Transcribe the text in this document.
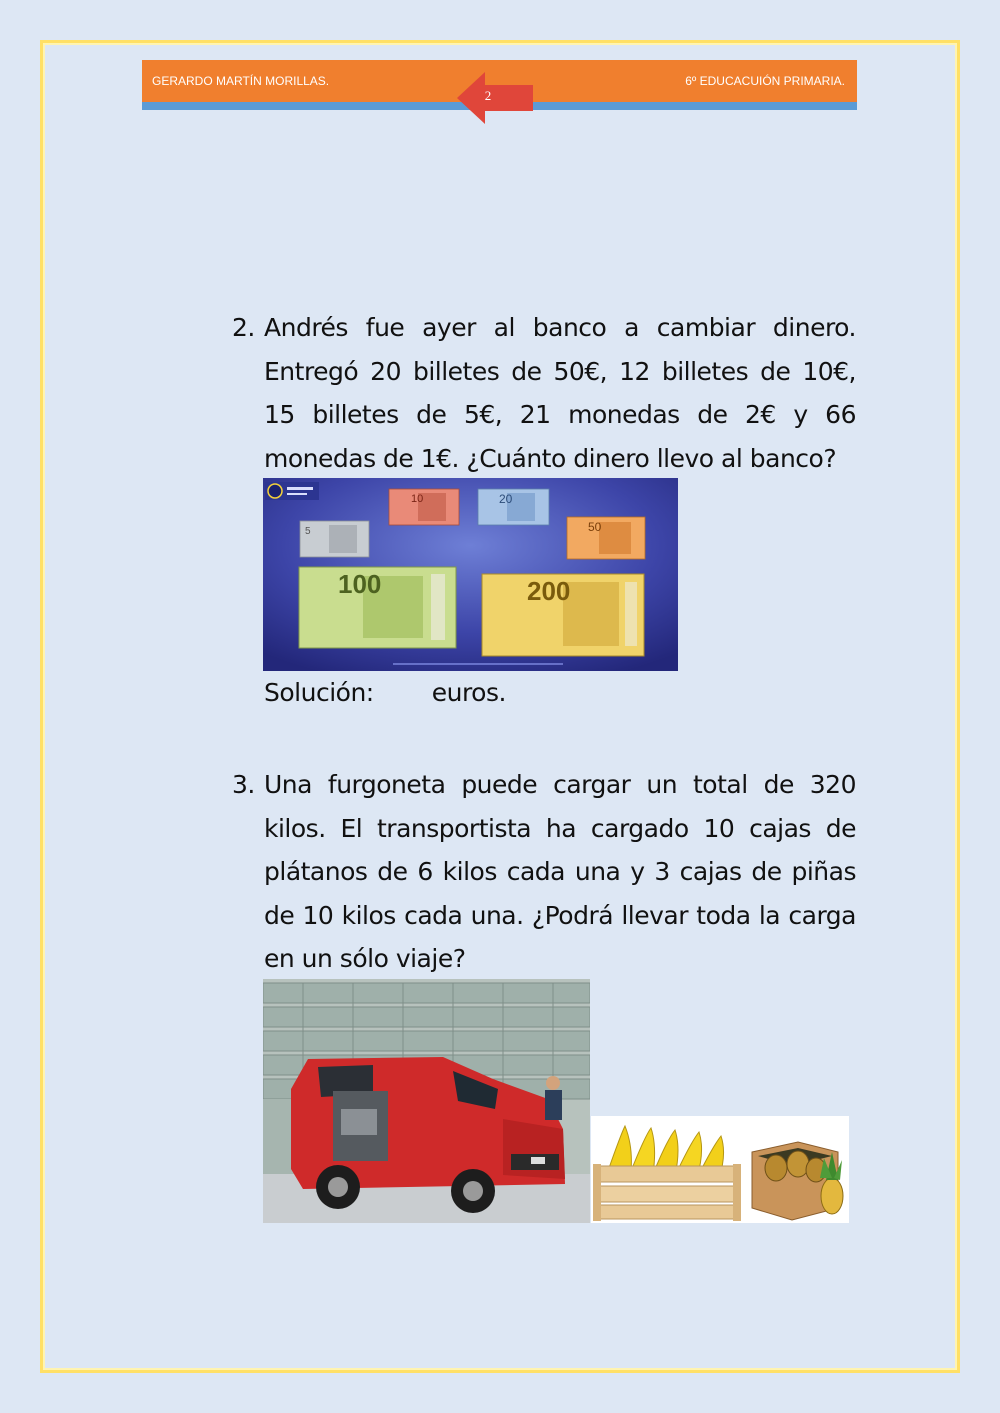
GERARDO MARTÍN MORILLAS.	6º EDUCACUIÓN PRIMARIA.
2
2. Andrés fue ayer al banco a cambiar dinero. Entregó 20 billetes de 50€, 12 billetes de 10€, 15 billetes de 5€, 21 monedas de 2€ y 66 monedas de 1€. ¿Cuánto dinero llevo al banco?
5
10	20
50
100	200
Solución: euros.
3. Una furgoneta puede cargar un total de 320 kilos. El transportista ha cargado 10 cajas de plátanos de 6 kilos cada una y 3 cajas de piñas de 10 kilos cada una. ¿Podrá llevar toda la carga en un sólo viaje?
